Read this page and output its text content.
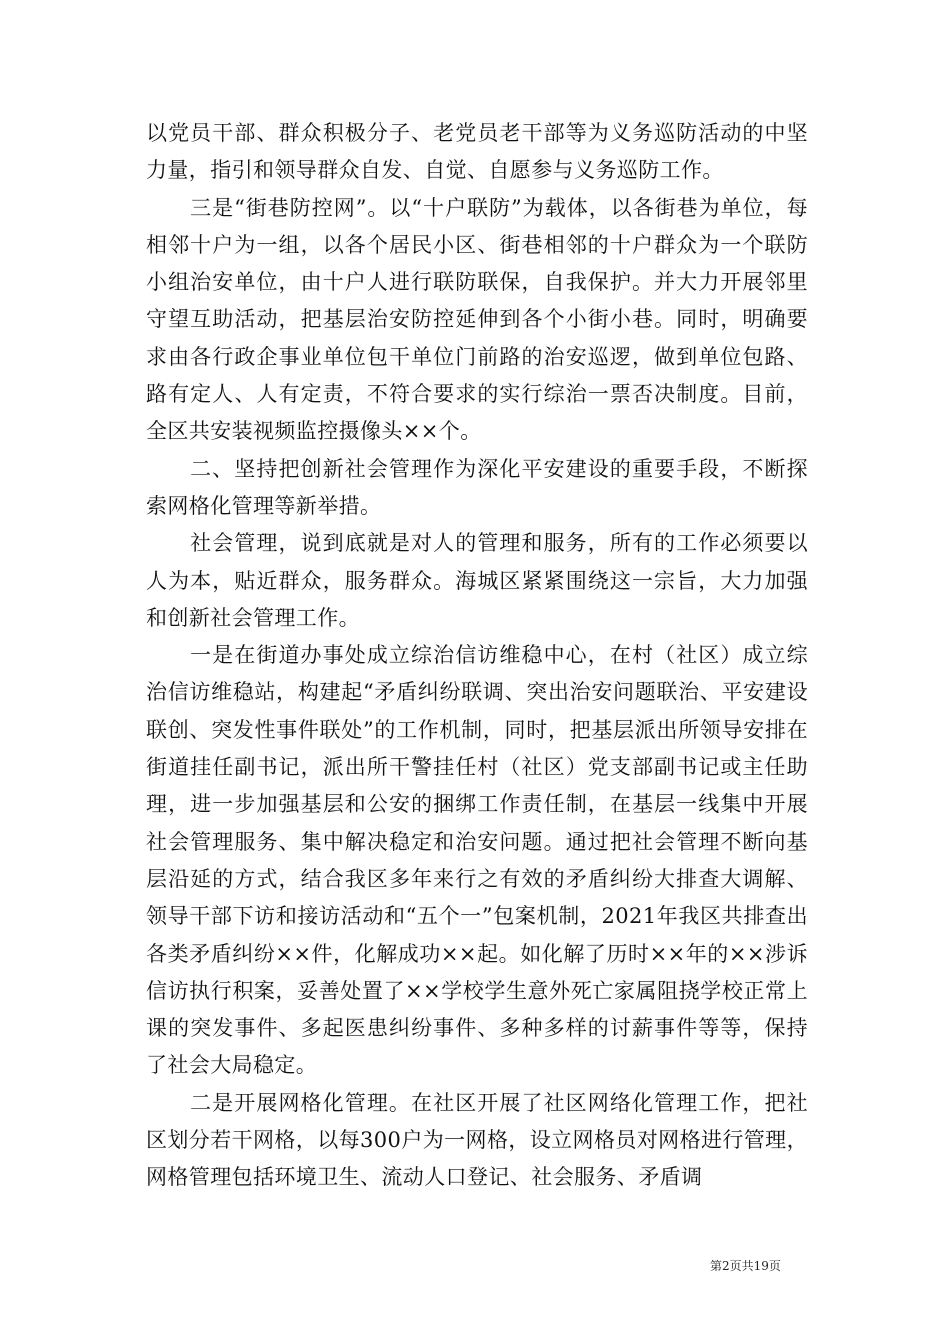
以党员干部、群众积极分子、老党员老干部等为义务巡防活动的中坚力量，指引和领导群众自发、自觉、自愿参与义务巡防工作。

三是“街巷防控网”。以“十户联防”为载体，以各街巷为单位，每相邻十户为一组，以各个居民小区、街巷相邻的十户群众为一个联防小组治安单位，由十户人进行联防联保，自我保护。并大力开展邻里守望互助活动，把基层治安防控延伸到各个小街小巷。同时，明确要求由各行政企事业单位包干单位门前路的治安巡逻，做到单位包路、路有定人、人有定责，不符合要求的实行综治一票否决制度。目前，全区共安装视频监控摄像头××个。

二、坚持把创新社会管理作为深化平安建设的重要手段，不断探索网格化管理等新举措。

社会管理，说到底就是对人的管理和服务，所有的工作必须要以人为本，贴近群众，服务群众。海城区紧紧围绕这一宗旨，大力加强和创新社会管理工作。

一是在街道办事处成立综治信访维稳中心，在村（社区）成立综治信访维稳站，构建起“矛盾纠纷联调、突出治安问题联治、平安建设联创、突发性事件联处”的工作机制，同时，把基层派出所领导安排在街道挂任副书记，派出所干警挂任村（社区）党支部副书记或主任助理，进一步加强基层和公安的捆绑工作责任制，在基层一线集中开展社会管理服务、集中解决稳定和治安问题。通过把社会管理不断向基层沿延的方式，结合我区多年来行之有效的矛盾纠纷大排查大调解、领导干部下访和接访活动和“五个一”包案机制，2021年我区共排查出各类矛盾纠纷××件，化解成功××起。如化解了历时××年的××涉诉信访执行积案，妥善处置了××学校学生意外死亡家属阻挠学校正常上课的突发事件、多起医患纠纷事件、多种多样的讨薪事件等等，保持了社会大局稳定。

二是开展网格化管理。在社区开展了社区网络化管理工作，把社区划分若干网格，以每300户为一网格，设立网格员对网格进行管理，网格管理包括环境卫生、流动人口登记、社会服务、矛盾调

第2页共19页
